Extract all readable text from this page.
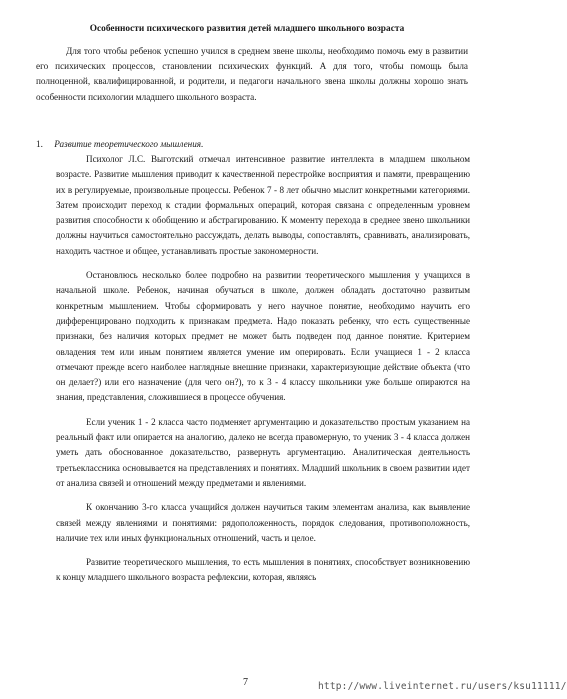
Особенности психического развития детей младшего школьного возраста

Для того чтобы ребенок успешно учился в среднем звене школы, необходимо помочь ему в развитии его психических процессов, становлении психических функций. А для того, чтобы помощь была полноценной, квалифицированной, и родители, и педагоги начального звена школы должны хорошо знать особенности психологии младшего школьного возраста.

1. Развитие теоретического мышления.

Психолог Л.С. Выготский отмечал интенсивное развитие интеллекта в младшем школьном возрасте. Развитие мышления приводит к качественной перестройке восприятия и памяти, превращению их в регулируемые, произвольные процессы. Ребенок 7 - 8 лет обычно мыслит конкретными категориями. Затем происходит переход к стадии формальных операций, которая связана с определенным уровнем развития способности к обобщению и абстрагированию. К моменту перехода в среднее звено школьники должны научиться самостоятельно рассуждать, делать выводы, сопоставлять, сравнивать, анализировать, находить частное и общее, устанавливать простые закономерности.

Остановлюсь несколько более подробно на развитии теоретического мышления у учащихся в начальной школе. Ребенок, начиная обучаться в школе, должен обладать достаточно развитым конкретным мышлением. Чтобы сформировать у него научное понятие, необходимо научить его дифференцировано подходить к признакам предмета. Надо показать ребенку, что есть существенные признаки, без наличия которых предмет не может быть подведен под данное понятие. Критерием овладения тем или иным понятием является умение им оперировать. Если учащиеся 1 - 2 класса отмечают прежде всего наиболее наглядные внешние признаки, характеризующие действие объекта (что он делает?) или его назначение (для чего он?), то к 3 - 4 классу школьники уже больше опираются на знания, представления, сложившиеся в процессе обучения.

Если ученик 1 - 2 класса часто подменяет аргументацию и доказательство простым указанием на реальный факт или опирается на аналогию, далеко не всегда правомерную, то ученик 3 - 4 класса должен уметь дать обоснованное доказательство, развернуть аргументацию. Аналитическая деятельность третьеклассника основывается на представлениях и понятиях. Младший школьник в своем развитии идет от анализа связей и отношений между предметами и явлениями.

К окончанию 3-го класса учащийся должен научиться таким элементам анализа, как выявление связей между явлениями и понятиями: рядоположенность, порядок следования, противоположность, наличие тех или иных функциональных отношений, часть и целое.

Развитие теоретического мышления, то есть мышления в понятиях, способствует возникновению к концу младшего школьного возраста рефлексии, которая, являясь

7	http://www.liveinternet.ru/users/ksu11111/
